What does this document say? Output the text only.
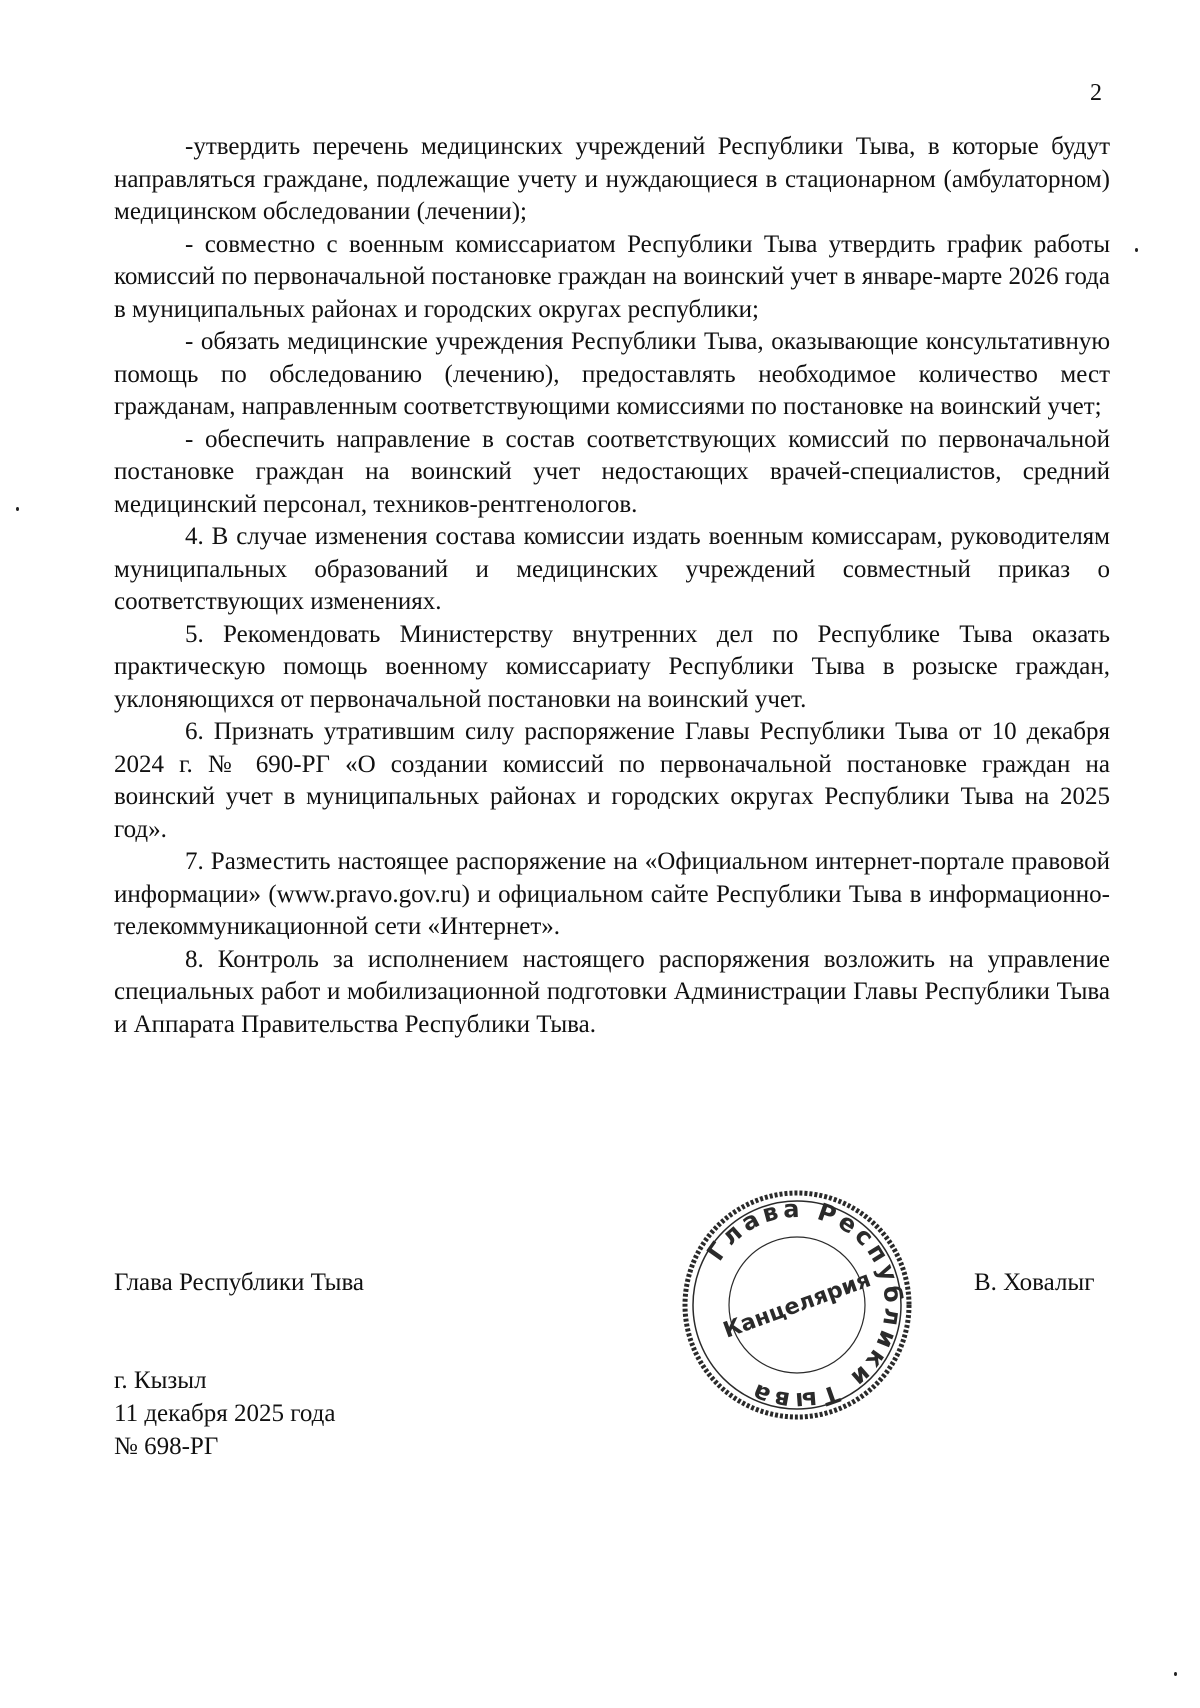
2

-утвердить перечень медицинских учреждений Республики Тыва, в которые будут направляться граждане, подлежащие учету и нуждающиеся в стационарном (амбулаторном) медицинском обследовании (лечении);

- совместно с военным комиссариатом Республики Тыва утвердить график работы комиссий по первоначальной постановке граждан на воинский учет в январе-марте 2026 года в муниципальных районах и городских округах республики;

- обязать медицинские учреждения Республики Тыва, оказывающие консультативную помощь по обследованию (лечению), предоставлять необходимое количество мест гражданам, направленным соответствующими комиссиями по постановке на воинский учет;

- обеспечить направление в состав соответствующих комиссий по первоначальной постановке граждан на воинский учет недостающих врачей-специалистов, средний медицинский персонал, техников-рентгенологов.

4. В случае изменения состава комиссии издать военным комиссарам, руководителям муниципальных образований и медицинских учреждений совместный приказ о соответствующих изменениях.

5. Рекомендовать Министерству внутренних дел по Республике Тыва оказать практическую помощь военному комиссариату Республики Тыва в розыске граждан, уклоняющихся от первоначальной постановки на воинский учет.

6. Признать утратившим силу распоряжение Главы Республики Тыва от 10 декабря 2024 г. № 690-РГ «О создании комиссий по первоначальной постановке граждан на воинский учет в муниципальных районах и городских округах Республики Тыва на 2025 год».

7. Разместить настоящее распоряжение на «Официальном интернет-портале правовой информации» (www.pravo.gov.ru) и официальном сайте Республики Тыва в информационно-телекоммуникационной сети «Интернет».

8. Контроль за исполнением настоящего распоряжения возложить на управление специальных работ и мобилизационной подготовки Администрации Главы Республики Тыва и Аппарата Правительства Республики Тыва.

Глава Республики Тыва	В. Ховалыг
Глава Республики Тыва
Канцелярия
г. Кызыл
11 декабря 2025 года
№ 698-РГ
